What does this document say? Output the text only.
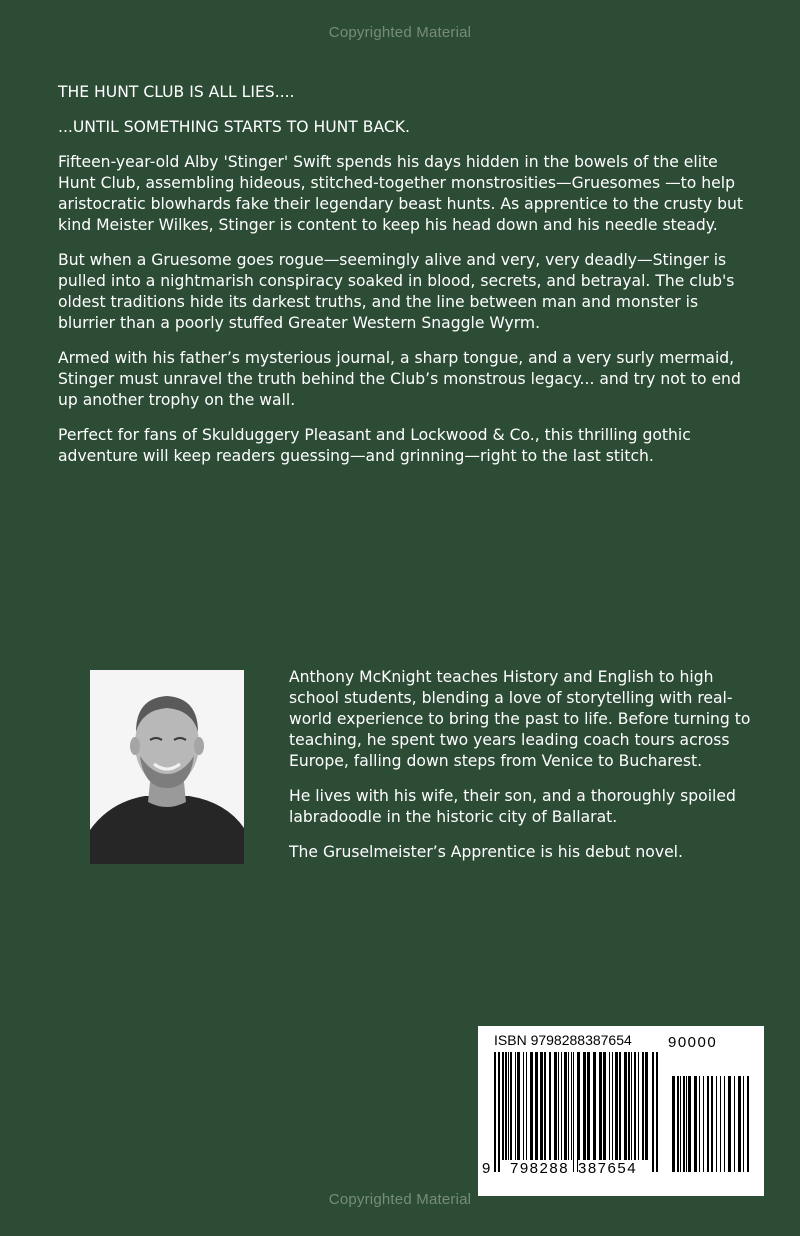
Copyrighted Material

THE HUNT CLUB IS ALL LIES....

...UNTIL SOMETHING STARTS TO HUNT BACK.

Fifteen-year-old Alby 'Stinger' Swift spends his days hidden in the bowels of the elite Hunt Club, assembling hideous, stitched-together monstrosities—Gruesomes —to help aristocratic blowhards fake their legendary beast hunts. As apprentice to the crusty but kind Meister Wilkes, Stinger is content to keep his head down and his needle steady.

But when a Gruesome goes rogue—seemingly alive and very, very deadly—Stinger is pulled into a nightmarish conspiracy soaked in blood, secrets, and betrayal. The club's oldest traditions hide its darkest truths, and the line between man and monster is blurrier than a poorly stuffed Greater Western Snaggle Wyrm.

Armed with his father’s mysterious journal, a sharp tongue, and a very surly mermaid, Stinger must unravel the truth behind the Club’s monstrous legacy... and try not to end up another trophy on the wall.

Perfect for fans of Skulduggery Pleasant and Lockwood & Co., this thrilling gothic adventure will keep readers guessing—and grinning—right to the last stitch.

Anthony McKnight teaches History and English to high school students, blending a love of storytelling with real-world experience to bring the past to life. Before turning to teaching, he spent two years leading coach tours across Europe, falling down steps from Venice to Bucharest.

He lives with his wife, their son, and a thoroughly spoiled labradoodle in the historic city of Ballarat.

The Gruselmeister’s Apprentice is his debut novel.

ISBN 9798288387654
9 798288 387654
90000
Copyrighted Material
